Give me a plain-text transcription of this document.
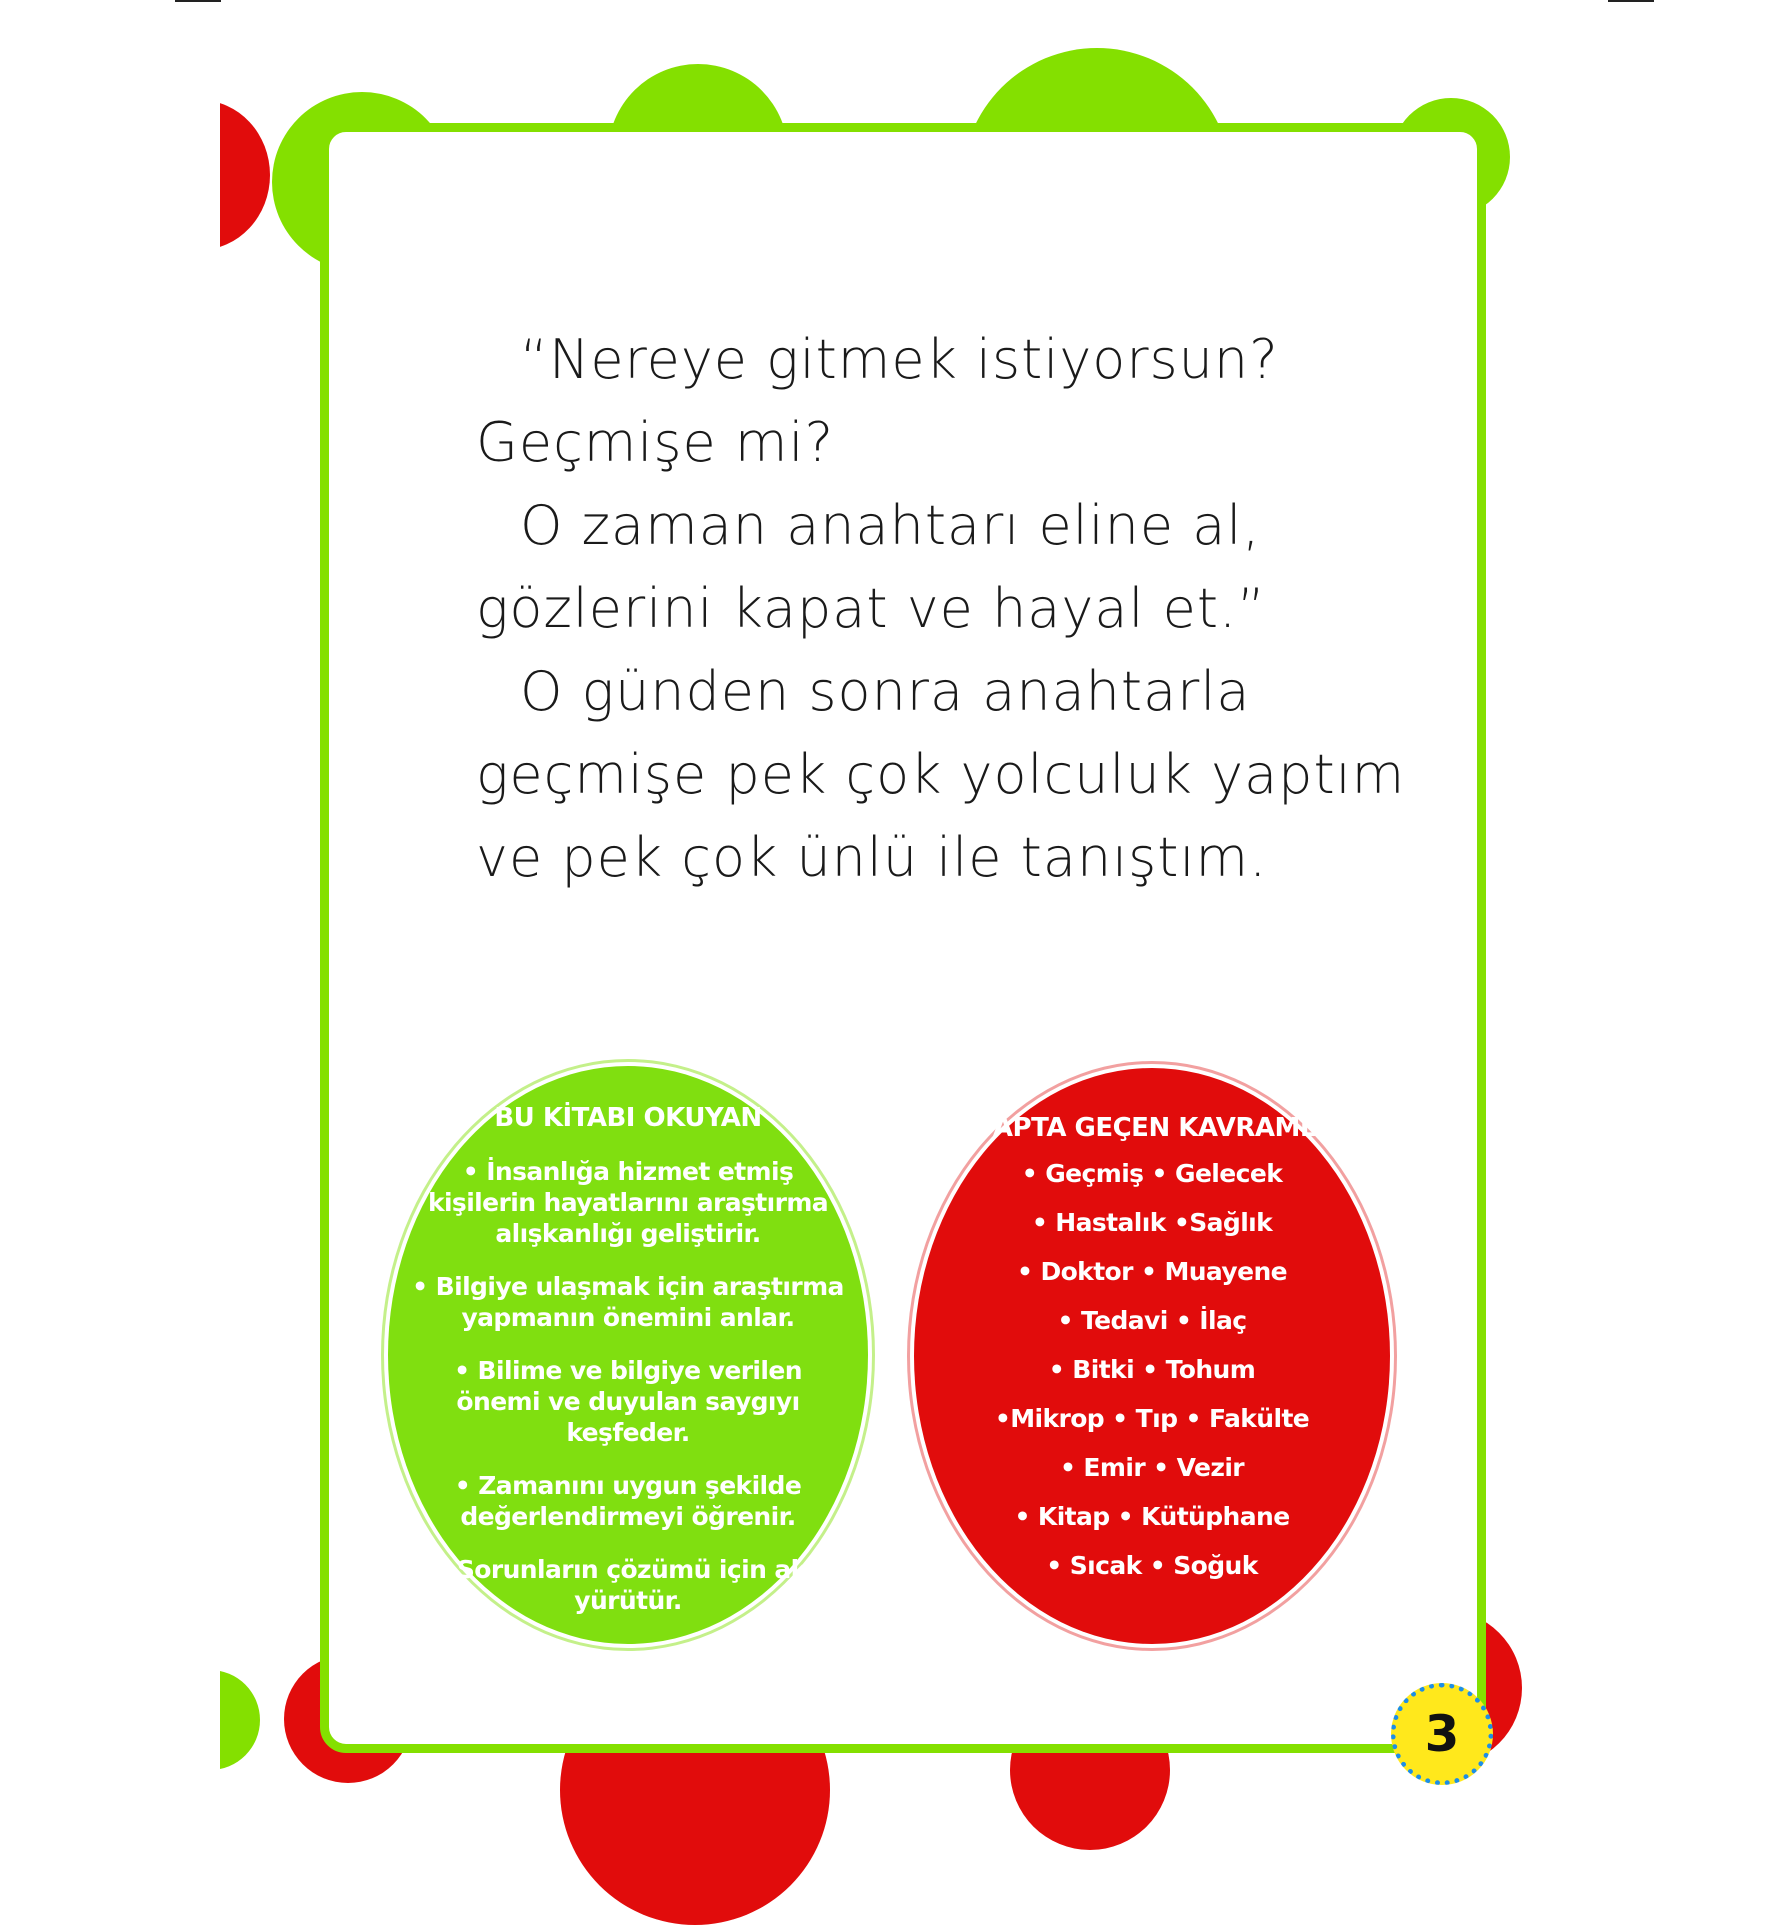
“Nereye gitmek istiyorsun?

Geçmişe mi?

O zaman anahtarı eline al,

gözlerini kapat ve hayal et.”

O günden sonra anahtarla

geçmişe pek çok yolculuk yaptım

ve pek çok ünlü ile tanıştım.

BU KİTABI OKUYAN

• İnsanlığa hizmet etmiş kişilerin hayatlarını araştırma alışkanlığı geliştirir.

• Bilgiye ulaşmak için araştırma yapmanın önemini anlar.

• Bilime ve bilgiye verilen önemi ve duyulan saygıyı keşfeder.

• Zamanını uygun şekilde değerlendirmeyi öğrenir.

• Sorunların çözümü için akıl yürütür.

KİTAPTA GEÇEN KAVRAMLAR

• Geçmiş • Gelecek

• Hastalık •Sağlık

• Doktor • Muayene

• Tedavi • İlaç

• Bitki • Tohum

•Mikrop • Tıp • Fakülte

• Emir • Vezir

• Kitap • Kütüphane

• Sıcak • Soğuk

3
